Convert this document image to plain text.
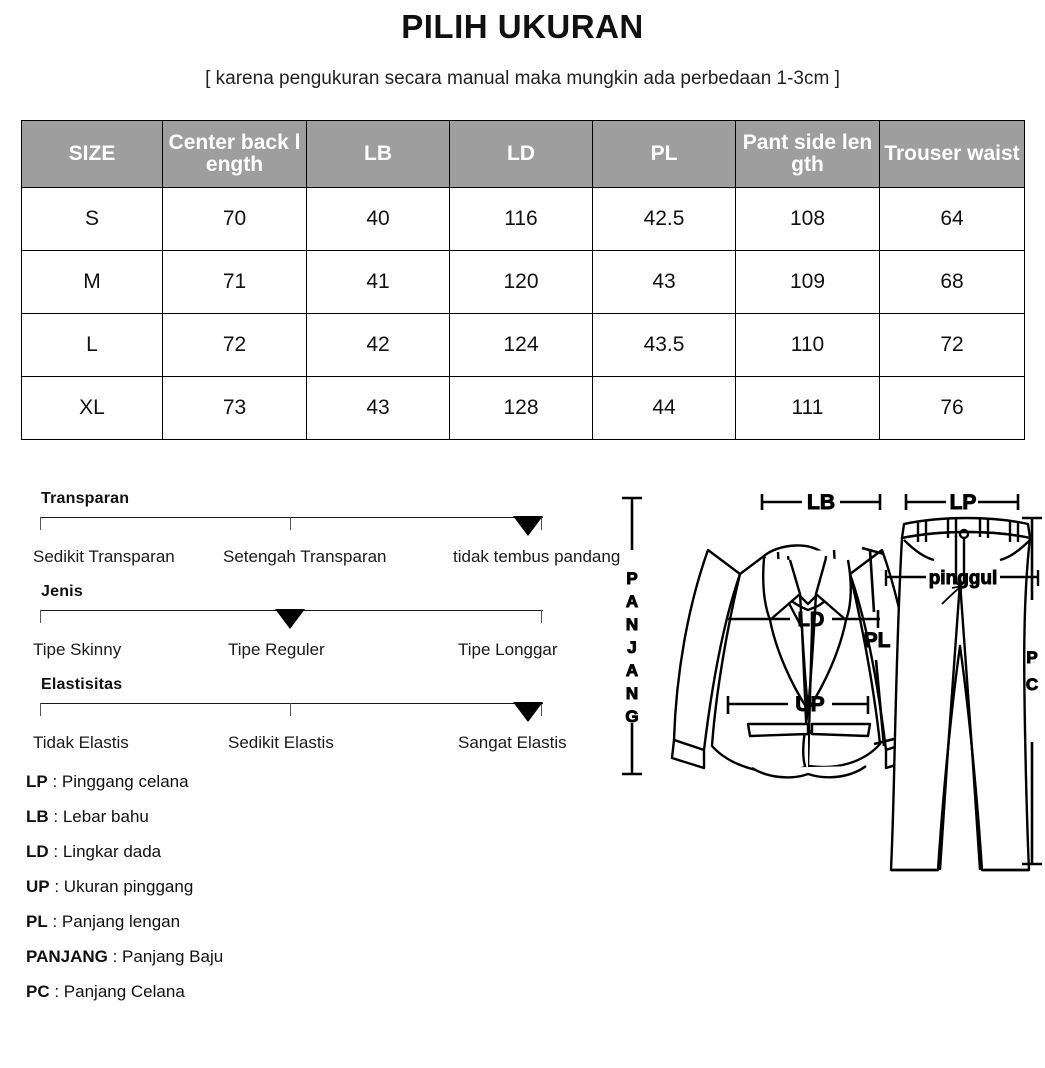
PILIH UKURAN
[ karena pengukuran secara manual maka mungkin ada perbedaan 1-3cm ]
SIZE	Center back length	LB	LD	PL	Pant side length	Trouser waist
S	70	40	116	42.5	108	64
M	71	41	120	43	109	68
L	72	42	124	43.5	110	72
XL	73	43	128	44	111	76
Transparan
Sedikit Transparan	Setengah Transparan	tidak tembus pandang
Jenis
Tipe Skinny	Tipe Reguler	Tipe Longgar
Elastisitas
Tidak Elastis	Sedikit Elastis	Sangat Elastis
LP : Pinggang celana
LB : Lebar bahu
LD : Lingkar dada
UP : Ukuran pinggang
PL : Panjang lengan
PANJANG : Panjang Baju
PC : Panjang Celana
P
A
N
J
A
N
G
LB
LD
PL
UP
LP
pinggul
P
C
